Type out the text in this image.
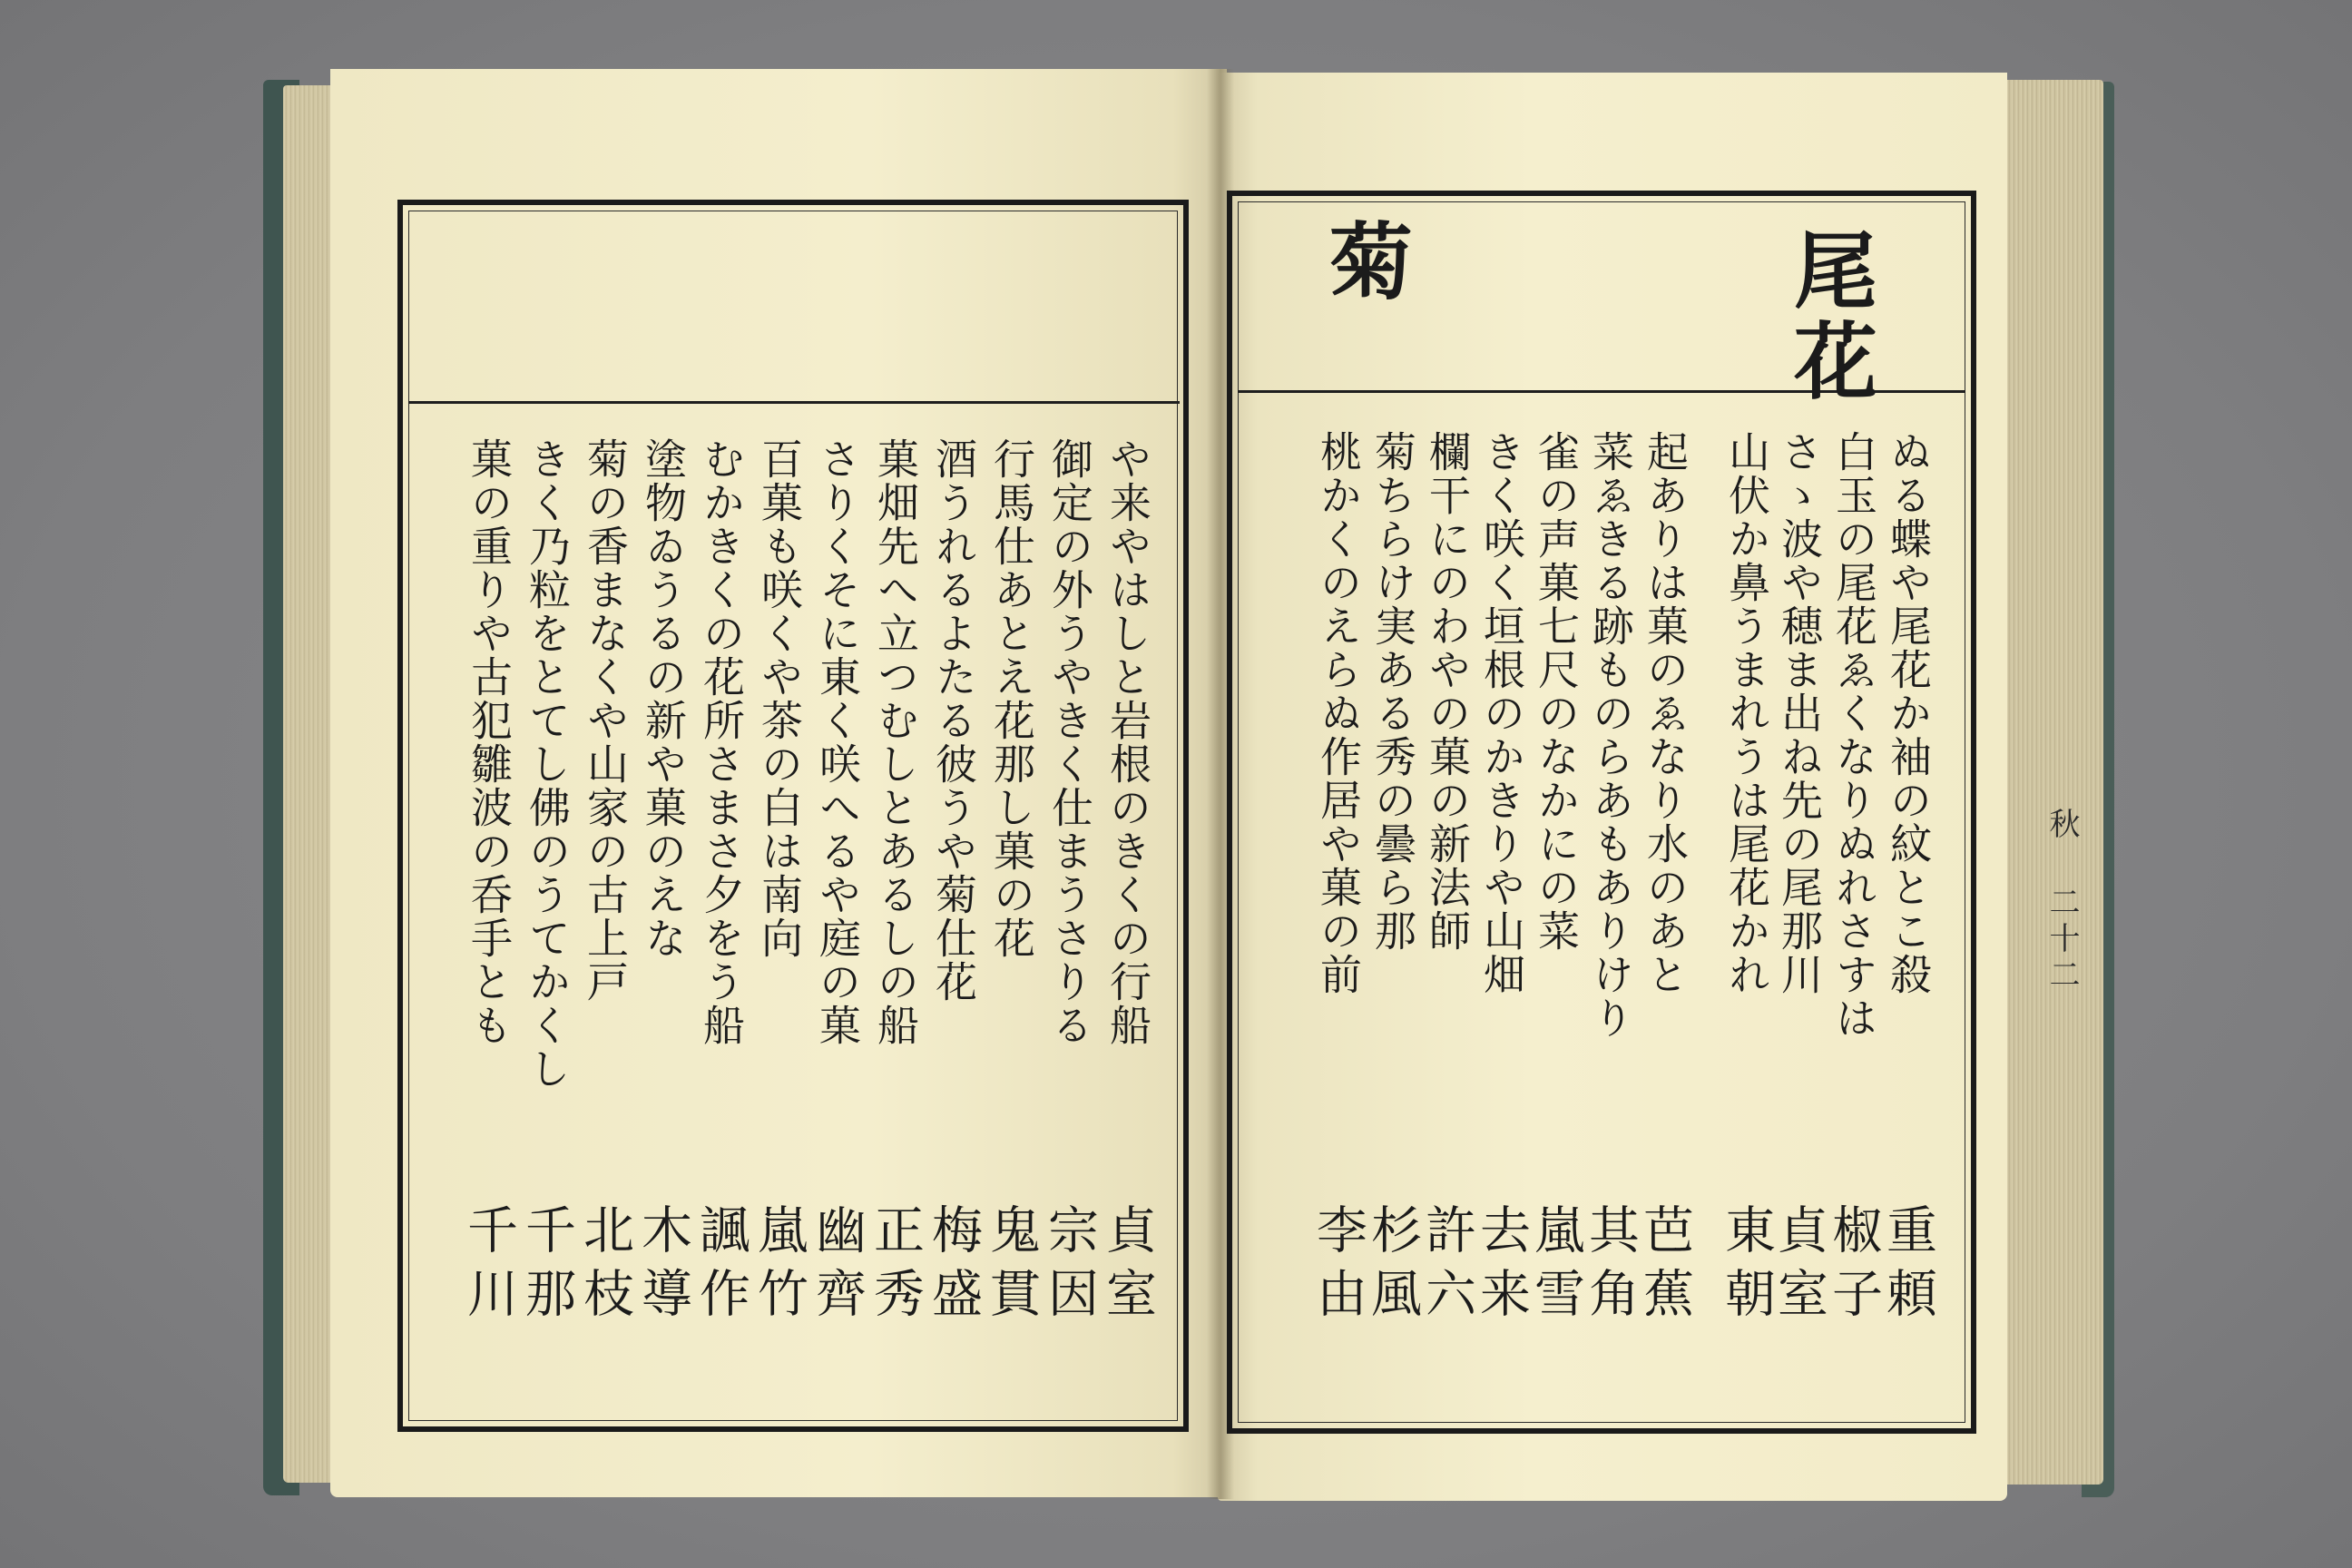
尾花
菊
秋 二十二
ぬる蝶や尾花か袖の紋とこ殺
白玉の尾花ゑくなりぬれさすは
さゝ波や穂ま出ね先の尾那川
山伏か鼻うまれうは尾花かれ
起ありは菓のゑなり水のあと
菜ゑきる跡ものらあもありけり
雀の声菓七尺のなかにの菜
きく咲く垣根のかきりや山畑
欄干にのわやの菓の新法師
菊ちらけ実ある秀の曇ら那
桃かくのえらぬ作居や菓の前
重頼
椒子
貞室
東朝
芭蕉
其角
嵐雪
去来
許六
杉風
李由
や来やはしと岩根のきくの行船
御定の外うやきく仕まうさりる
行馬仕あとえ花那し菓の花
酒うれるよたる彼うや菊仕花
菓畑先へ立つむしとあるしの船
さりくそに東く咲へるや庭の菓
百菓も咲くや茶の白は南向
むかきくの花所さまさ夕をう船
塗物ゐうるの新や菓のえな
菊の香まなくや山家の古上戸
きく乃粒をとてし佛のうてかくし
菓の重りや古犯雛波の呑手とも
貞室
宗因
鬼貫
梅盛
正秀
幽齊
嵐竹
諷作
木導
北枝
千那
千川
